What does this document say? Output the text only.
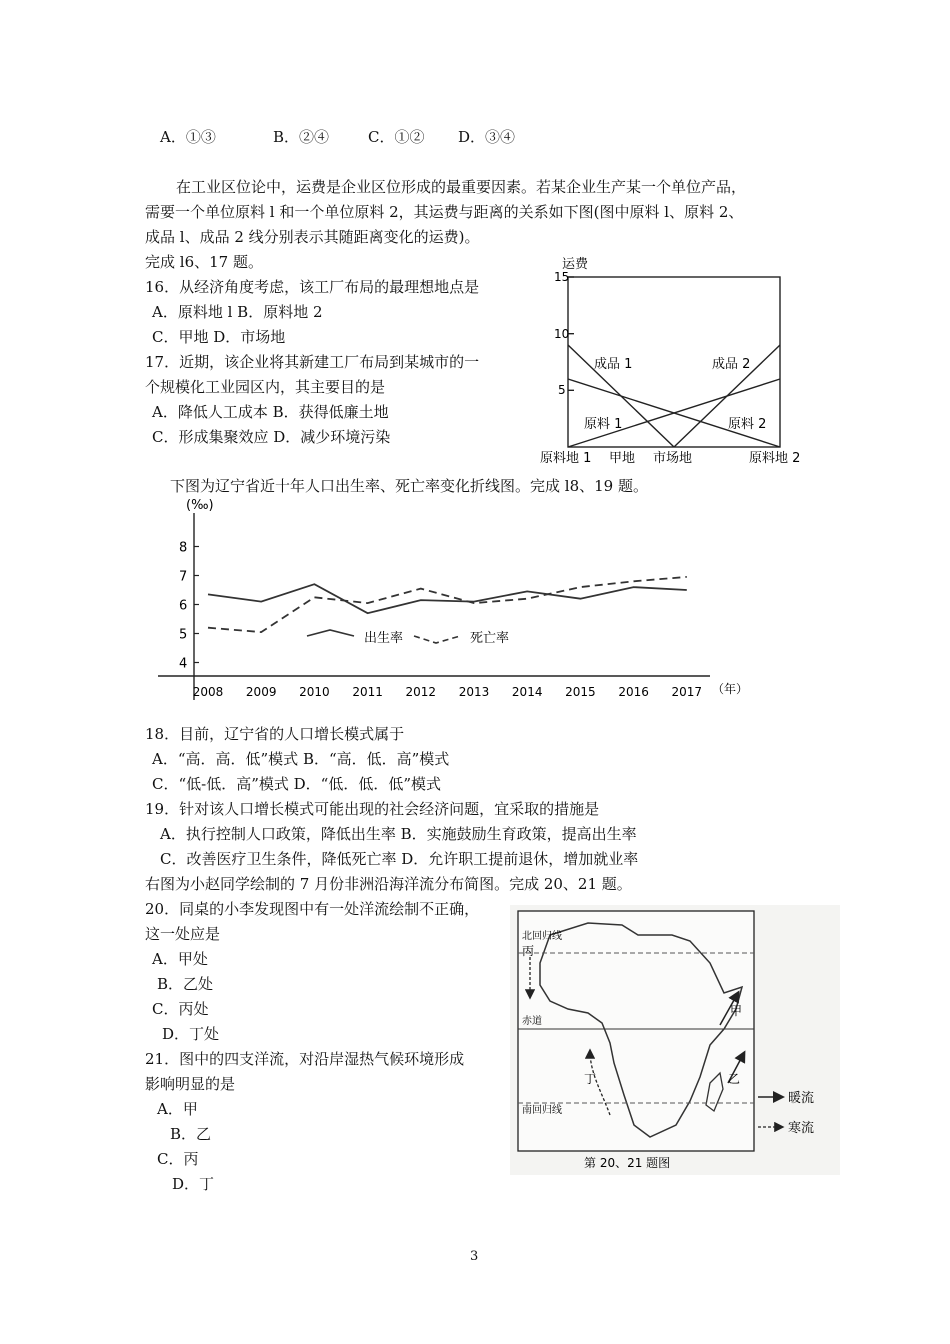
A．①③	B．②④	C．①② D．③④
在工业区位论中，运费是企业区位形成的最重要因素。若某企业生产某一个单位产品，
需要一个单位原料 l 和一个单位原料 2，其运费与距离的关系如下图(图中原料 l、原料 2、
成品 l、成品 2 线分别表示其随距离变化的运费)。
完成 l6、17 题。
16．从经济角度考虑，该工厂布局的最理想地点是
A．原料地 l B．原料地 2
C．甲地 D．市场地
17．近期，该企业将其新建工厂布局到某城市的一
个规模化工业园区内，其主要目的是
A．降低人工成本 B．获得低廉土地
C．形成集聚效应 D．减少环境污染
运费
15
10
5
成品 1	成品 2
原料 1	原料 2
原料地 1 甲地 市场地	原料地 2
下图为辽宁省近十年人口出生率、死亡率变化折线图。完成 l8、19 题。
(‰)
8
7
6
5
4
2008 2009 2010 2011 2012 2013 2014 2015 2016 2017
出生率	死亡率
（年）
18．目前，辽宁省的人口增长模式属于
A．“高．高．低”模式 B．“高．低．高”模式
C．“低-低．高”模式 D．“低．低．低”模式
19．针对该人口增长模式可能出现的社会经济问题，宜采取的措施是
A．执行控制人口政策，降低出生率 B．实施鼓励生育政策，提高出生率
C．改善医疗卫生条件，降低死亡率 D．允许职工提前退休，增加就业率
右图为小赵同学绘制的 7 月份非洲沿海洋流分布简图。完成 20、21 题。
20．同桌的小李发现图中有一处洋流绘制不正确，
这一处应是
A．甲处
B．乙处
C．丙处
D．丁处
21．图中的四支洋流，对沿岸湿热气候环境形成
影响明显的是
A．甲
B．乙
C．丙
D．丁
北回归线
赤道
南回归线
丙
甲
乙
丁
暖流
寒流
第 20、21 题图
3
